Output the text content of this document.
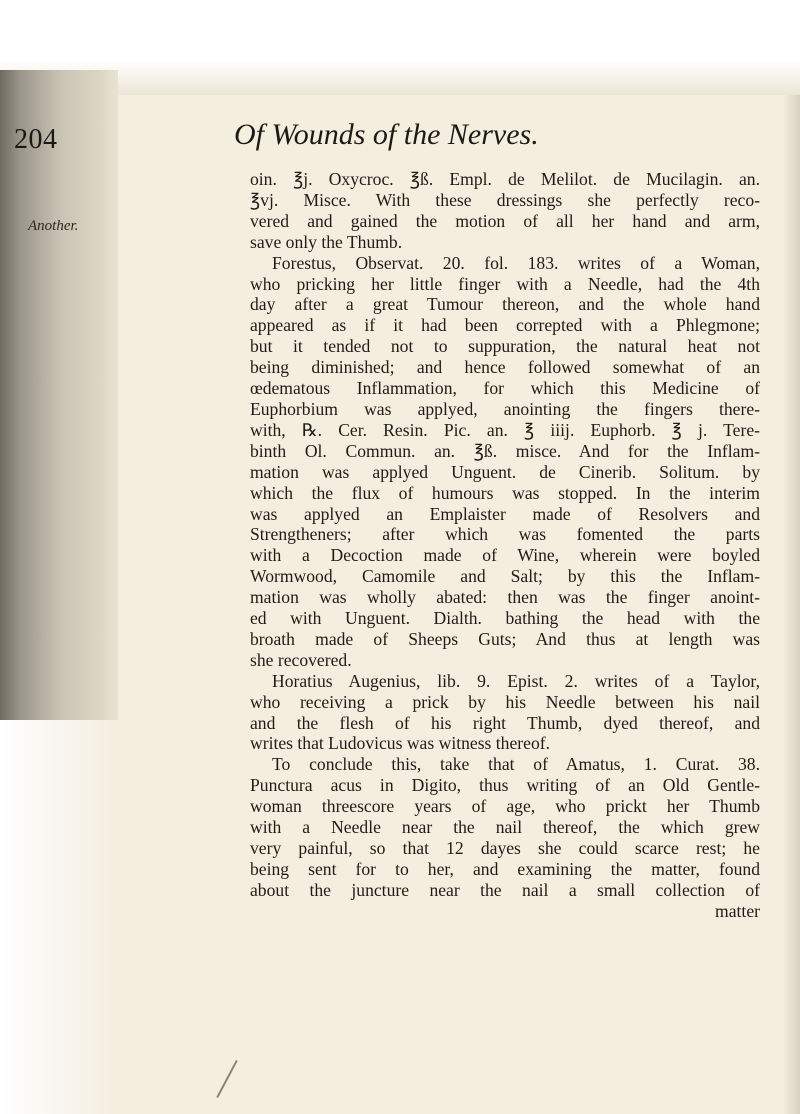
204	Of Wounds of the Nerves.
Another.
oin. ℥j. Oxycroc. ℥ß. Empl. de Melilot. de Mucilagin. an.
℥vj. Misce. With these dressings she perfectly reco-
vered and gained the motion of all her hand and arm,
save only the Thumb.
Forestus, Observat. 20. fol. 183. writes of a Woman,
who pricking her little finger with a Needle, had the 4th
day after a great Tumour thereon, and the whole hand
appeared as if it had been correpted with a Phlegmone;
but it tended not to suppuration, the natural heat not
being diminished; and hence followed somewhat of an
œdematous Inflammation, for which this Medicine of
Euphorbium was applyed, anointing the fingers there-
with, ℞. Cer. Resin. Pic. an. ℥ iiij. Euphorb. ℥ j. Tere-
binth Ol. Commun. an. ℥ß. misce. And for the Inflam-
mation was applyed Unguent. de Cinerib. Solitum. by
which the flux of humours was stopped. In the interim
was applyed an Emplaister made of Resolvers and
Strengtheners; after which was fomented the parts
with a Decoction made of Wine, wherein were boyled
Wormwood, Camomile and Salt; by this the Inflam-
mation was wholly abated: then was the finger anoint-
ed with Unguent. Dialth. bathing the head with the
broath made of Sheeps Guts; And thus at length was
she recovered.
Horatius Augenius, lib. 9. Epist. 2. writes of a Taylor,
who receiving a prick by his Needle between his nail
and the flesh of his right Thumb, dyed thereof, and
writes that Ludovicus was witness thereof.
To conclude this, take that of Amatus, 1. Curat. 38.
Punctura acus in Digito, thus writing of an Old Gentle-
woman threescore years of age, who prickt her Thumb
with a Needle near the nail thereof, the which grew
very painful, so that 12 dayes she could scarce rest; he
being sent for to her, and examining the matter, found
about the juncture near the nail a small collection of
matter
